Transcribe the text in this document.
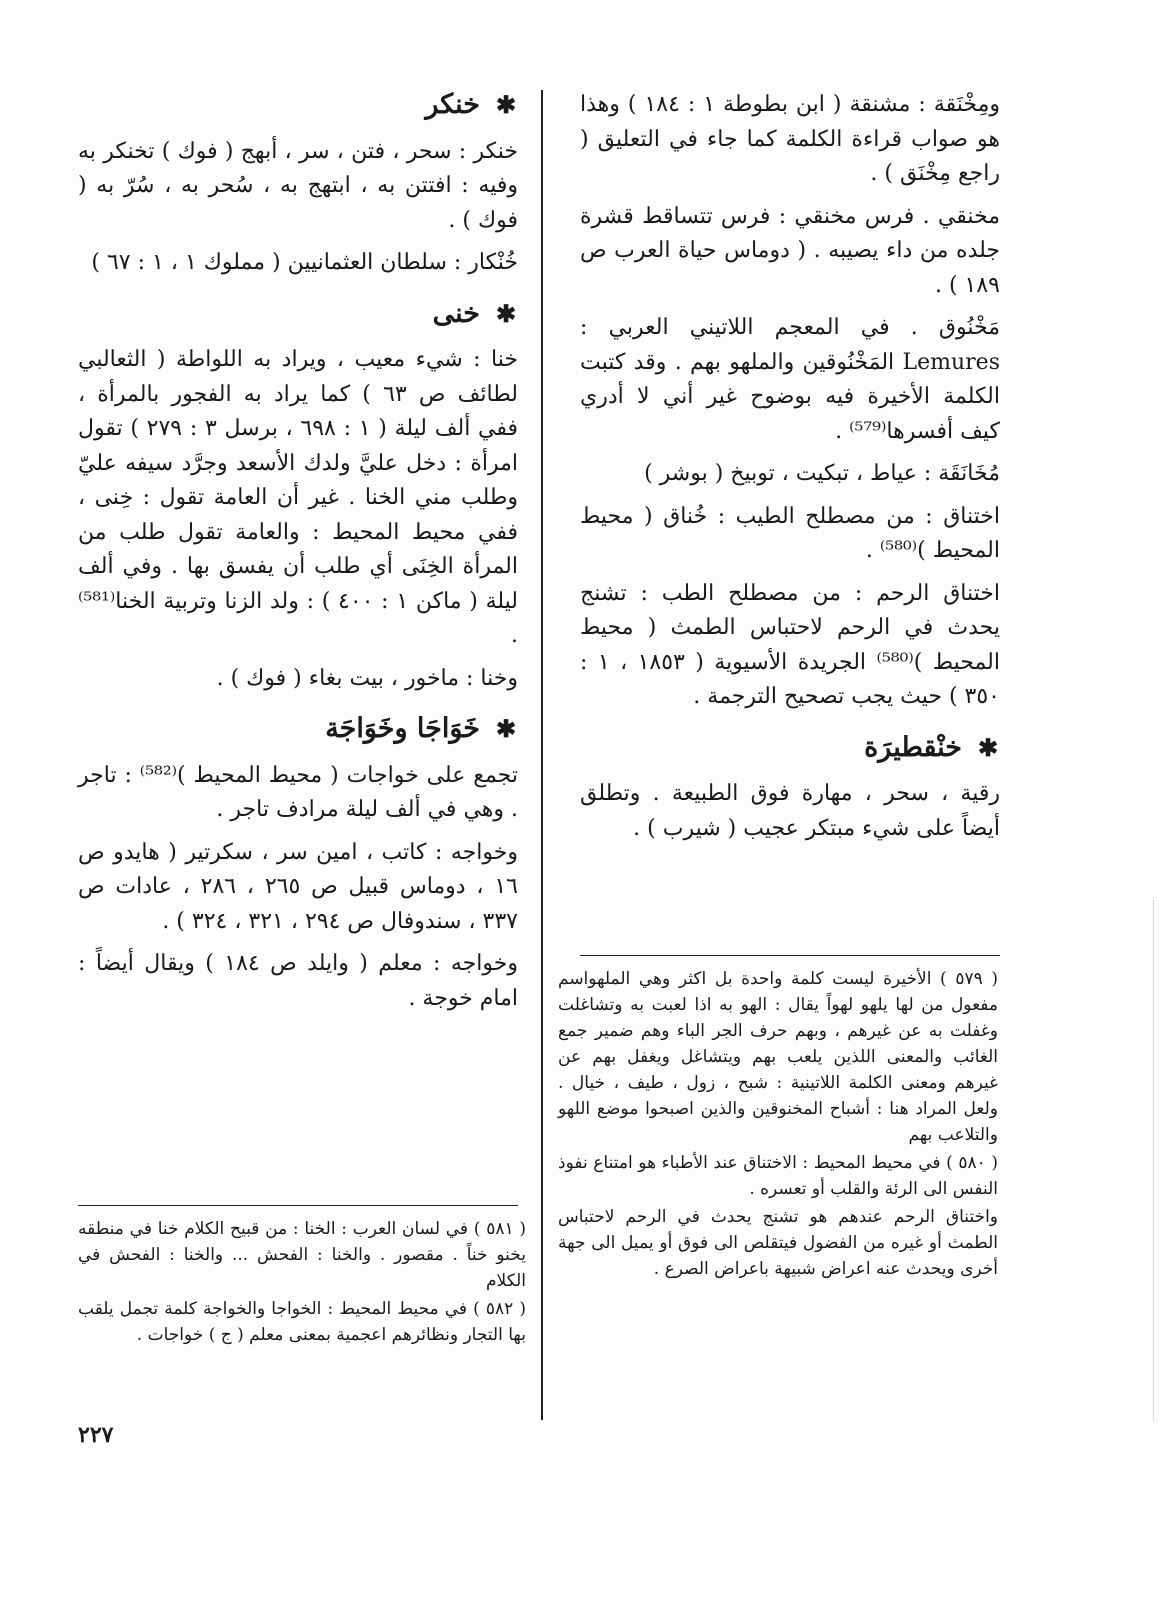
ومِخْنَقة : مشنقة ( ابن بطوطة ١ : ١٨٤ ) وهذا هو صواب قراءة الكلمة كما جاء في التعليق ( راجع مِخْنَق ) .

مخنقي . فرس مخنقي : فرس تتساقط قشرة جلده من داء يصيبه . ( دوماس حياة العرب ص ١٨٩ ) .

مَخْنُوق . في المعجم اللاتيني العربي : Lemures المَخْنُوقين والملهو بهم . وقد كتبت الكلمة الأخيرة فيه بوضوح غير أني لا أدري كيف أفسرها⁽⁵⁷⁹⁾ .

مُخَانَقَة : عياط ، تبكيت ، توبيخ ( بوشر )

اختناق : من مصطلح الطيب : خُناق ( محيط المحيط )⁽⁵⁸⁰⁾ .

اختناق الرحم : من مصطلح الطب : تشنج يحدث في الرحم لاحتباس الطمث ( محيط المحيط )⁽⁵⁸⁰⁾ الجريدة الأسيوية ( ١٨٥٣ ، ١ : ٣٥٠ ) حيث يجب تصحيح الترجمة .

✱
خنْقطيرَة

رقية ، سحر ، مهارة فوق الطبيعة . وتطلق أيضاً على شيء مبتكر عجيب ( شيرب ) .

✱
خنكر

خنكر : سحر ، فتن ، سر ، أبهج ( فوك ) تخنكر به وفيه : افتتن به ، ابتهج به ، سُحر به ، سُرّ به ( فوك ) .

خُنْكار : سلطان العثمانيين ( مملوك ١ ، ١ : ٦٧ )

✱
خنى

خنا : شيء معيب ، ويراد به اللواطة ( الثعالبي لطائف ص ٦٣ ) كما يراد به الفجور بالمرأة ، ففي ألف ليلة ( ١ : ٦٩٨ ، برسل ٣ : ٢٧٩ ) تقول امرأة : دخل عليَّ ولدك الأسعد وجرَّد سيفه عليّ وطلب مني الخنا . غير أن العامة تقول : خِنى ، ففي محيط المحيط : والعامة تقول طلب من المرأة الخِنَى أي طلب أن يفسق بها . وفي ألف ليلة ( ماكن ١ : ٤٠٠ ) : ولد الزنا وتربية الخنا⁽⁵⁸¹⁾ .

وخنا : ماخور ، بيت بغاء ( فوك ) .

✱
خَوَاجَا وخَوَاجَة

تجمع على خواجات ( محيط المحيط )⁽⁵⁸²⁾ : تاجر . وهي في ألف ليلة مرادف تاجر .

وخواجه : كاتب ، امين سر ، سكرتير ( هايدو ص ١٦ ، دوماس قبيل ص ٢٦٥ ، ٢٨٦ ، عادات ص ٣٣٧ ، سندوفال ص ٢٩٤ ، ٣٢١ ، ٣٢٤ ) .

وخواجه : معلم ( وايلد ص ١٨٤ ) ويقال أيضاً : امام خوجة .

( ٥٧٩ ) الأخيرة ليست كلمة واحدة بل اكثر وهي الملهواسم مفعول من لها يلهو لهواً يقال : الهو به اذا لعبت به وتشاغلت وغفلت به عن غيرهم ، وبهم حرف الجر الباء وهم ضمير جمع الغائب والمعنى اللذين يلعب بهم ويتشاغل ويغفل بهم عن غيرهم ومعنى الكلمة اللاتينية : شبح ، زول ، طيف ، خيال . ولعل المراد هنا : أشباح المخنوقين والذين اصبحوا موضع اللهو والتلاعب بهم

( ٥٨٠ ) في محيط المحيط : الاختناق عند الأطباء هو امتناع نفوذ النفس الى الرئة والقلب أو تعسره .

واختناق الرحم عندهم هو تشنج يحدث في الرحم لاحتباس الطمث أو غيره من الفضول فيتقلص الى فوق أو يميل الى جهة أخرى ويحدث عنه اعراض شبيهة باعراض الصرع .

( ٥٨١ ) في لسان العرب : الخنا : من قبيح الكلام خنا في منطقه يخنو خناً . مقصور . والخنا : الفحش ... والخنا : الفحش في الكلام

( ٥٨٢ ) في محيط المحيط : الخواجا والخواجة كلمة تجمل يلقب بها التجار ونظائرهم اعجمية بمعنى معلم ( ج ) خواجات .

٢٢٧
